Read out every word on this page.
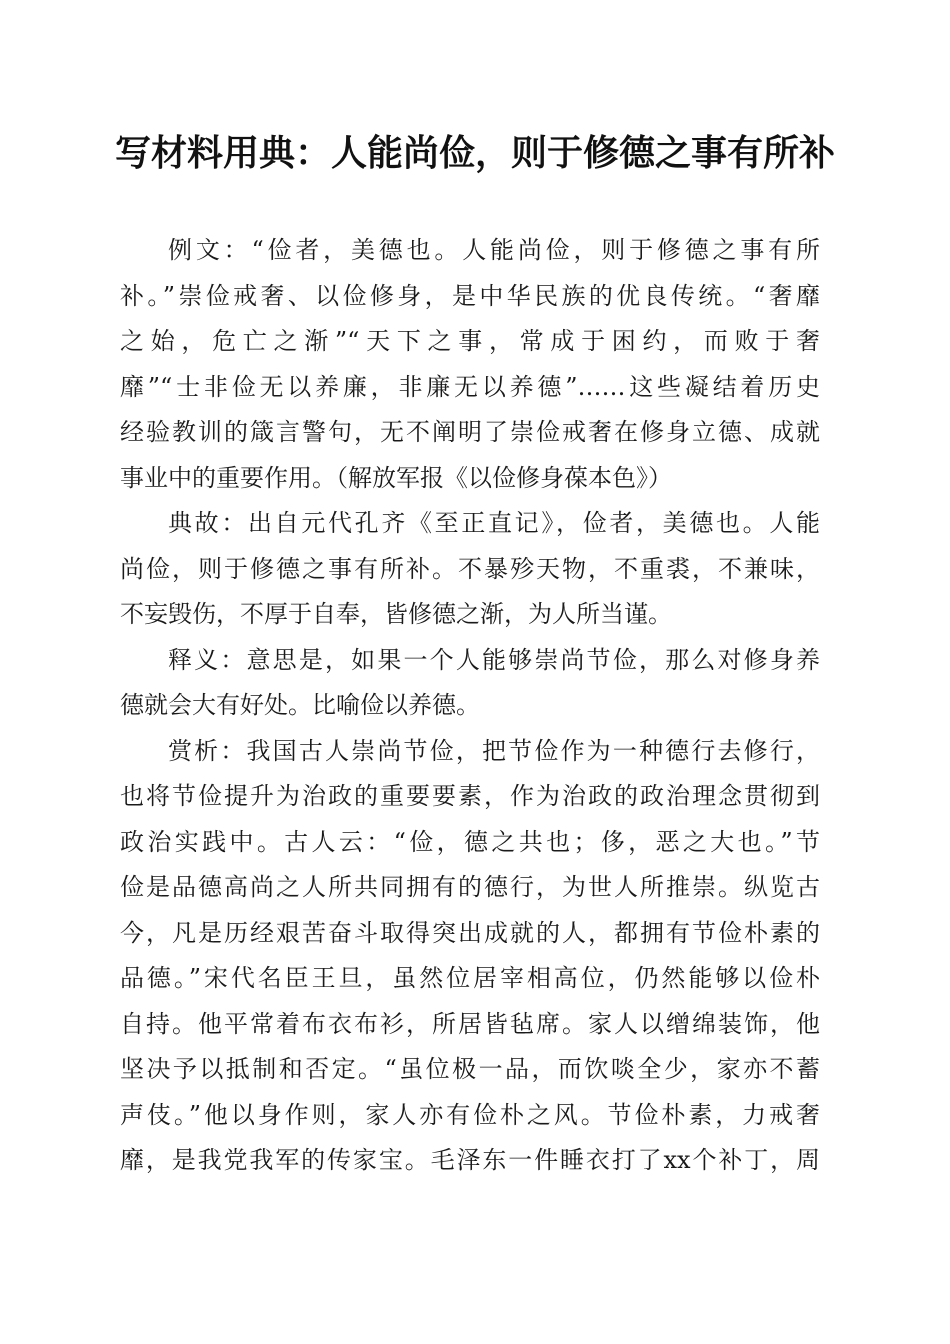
写材料用典：人能尚俭，则于修德之事有所补
例文：“俭者，美德也。人能尚俭，则于修德之事有所
补。”崇俭戒奢、以俭修身，是中华民族的优良传统。“奢靡
之始，危亡之渐”“天下之事，常成于困约，而败于奢
靡”“士非俭无以养廉，非廉无以养德”……这些凝结着历史
经验教训的箴言警句，无不阐明了崇俭戒奢在修身立德、成就
事业中的重要作用。（解放军报《以俭修身葆本色》）
典故：出自元代孔齐《至正直记》，俭者，美德也。人能
尚俭，则于修德之事有所补。不暴殄天物，不重裘，不兼味，
不妄毁伤，不厚于自奉，皆修德之渐，为人所当谨。
释义：意思是，如果一个人能够崇尚节俭，那么对修身养
德就会大有好处。比喻俭以养德。
赏析：我国古人崇尚节俭，把节俭作为一种德行去修行，
也将节俭提升为治政的重要要素，作为治政的政治理念贯彻到
政治实践中。古人云：“俭，德之共也；侈，恶之大也。”节
俭是品德高尚之人所共同拥有的德行，为世人所推崇。纵览古
今，凡是历经艰苦奋斗取得突出成就的人，都拥有节俭朴素的
品德。”宋代名臣王旦，虽然位居宰相高位，仍然能够以俭朴
自持。他平常着布衣布衫，所居皆毡席。家人以缯绵装饰，他
坚决予以抵制和否定。“虽位极一品，而饮啖全少，家亦不蓄
声伎。”他以身作则，家人亦有俭朴之风。节俭朴素，力戒奢
靡，是我党我军的传家宝。毛泽东一件睡衣打了xx个补丁，周
